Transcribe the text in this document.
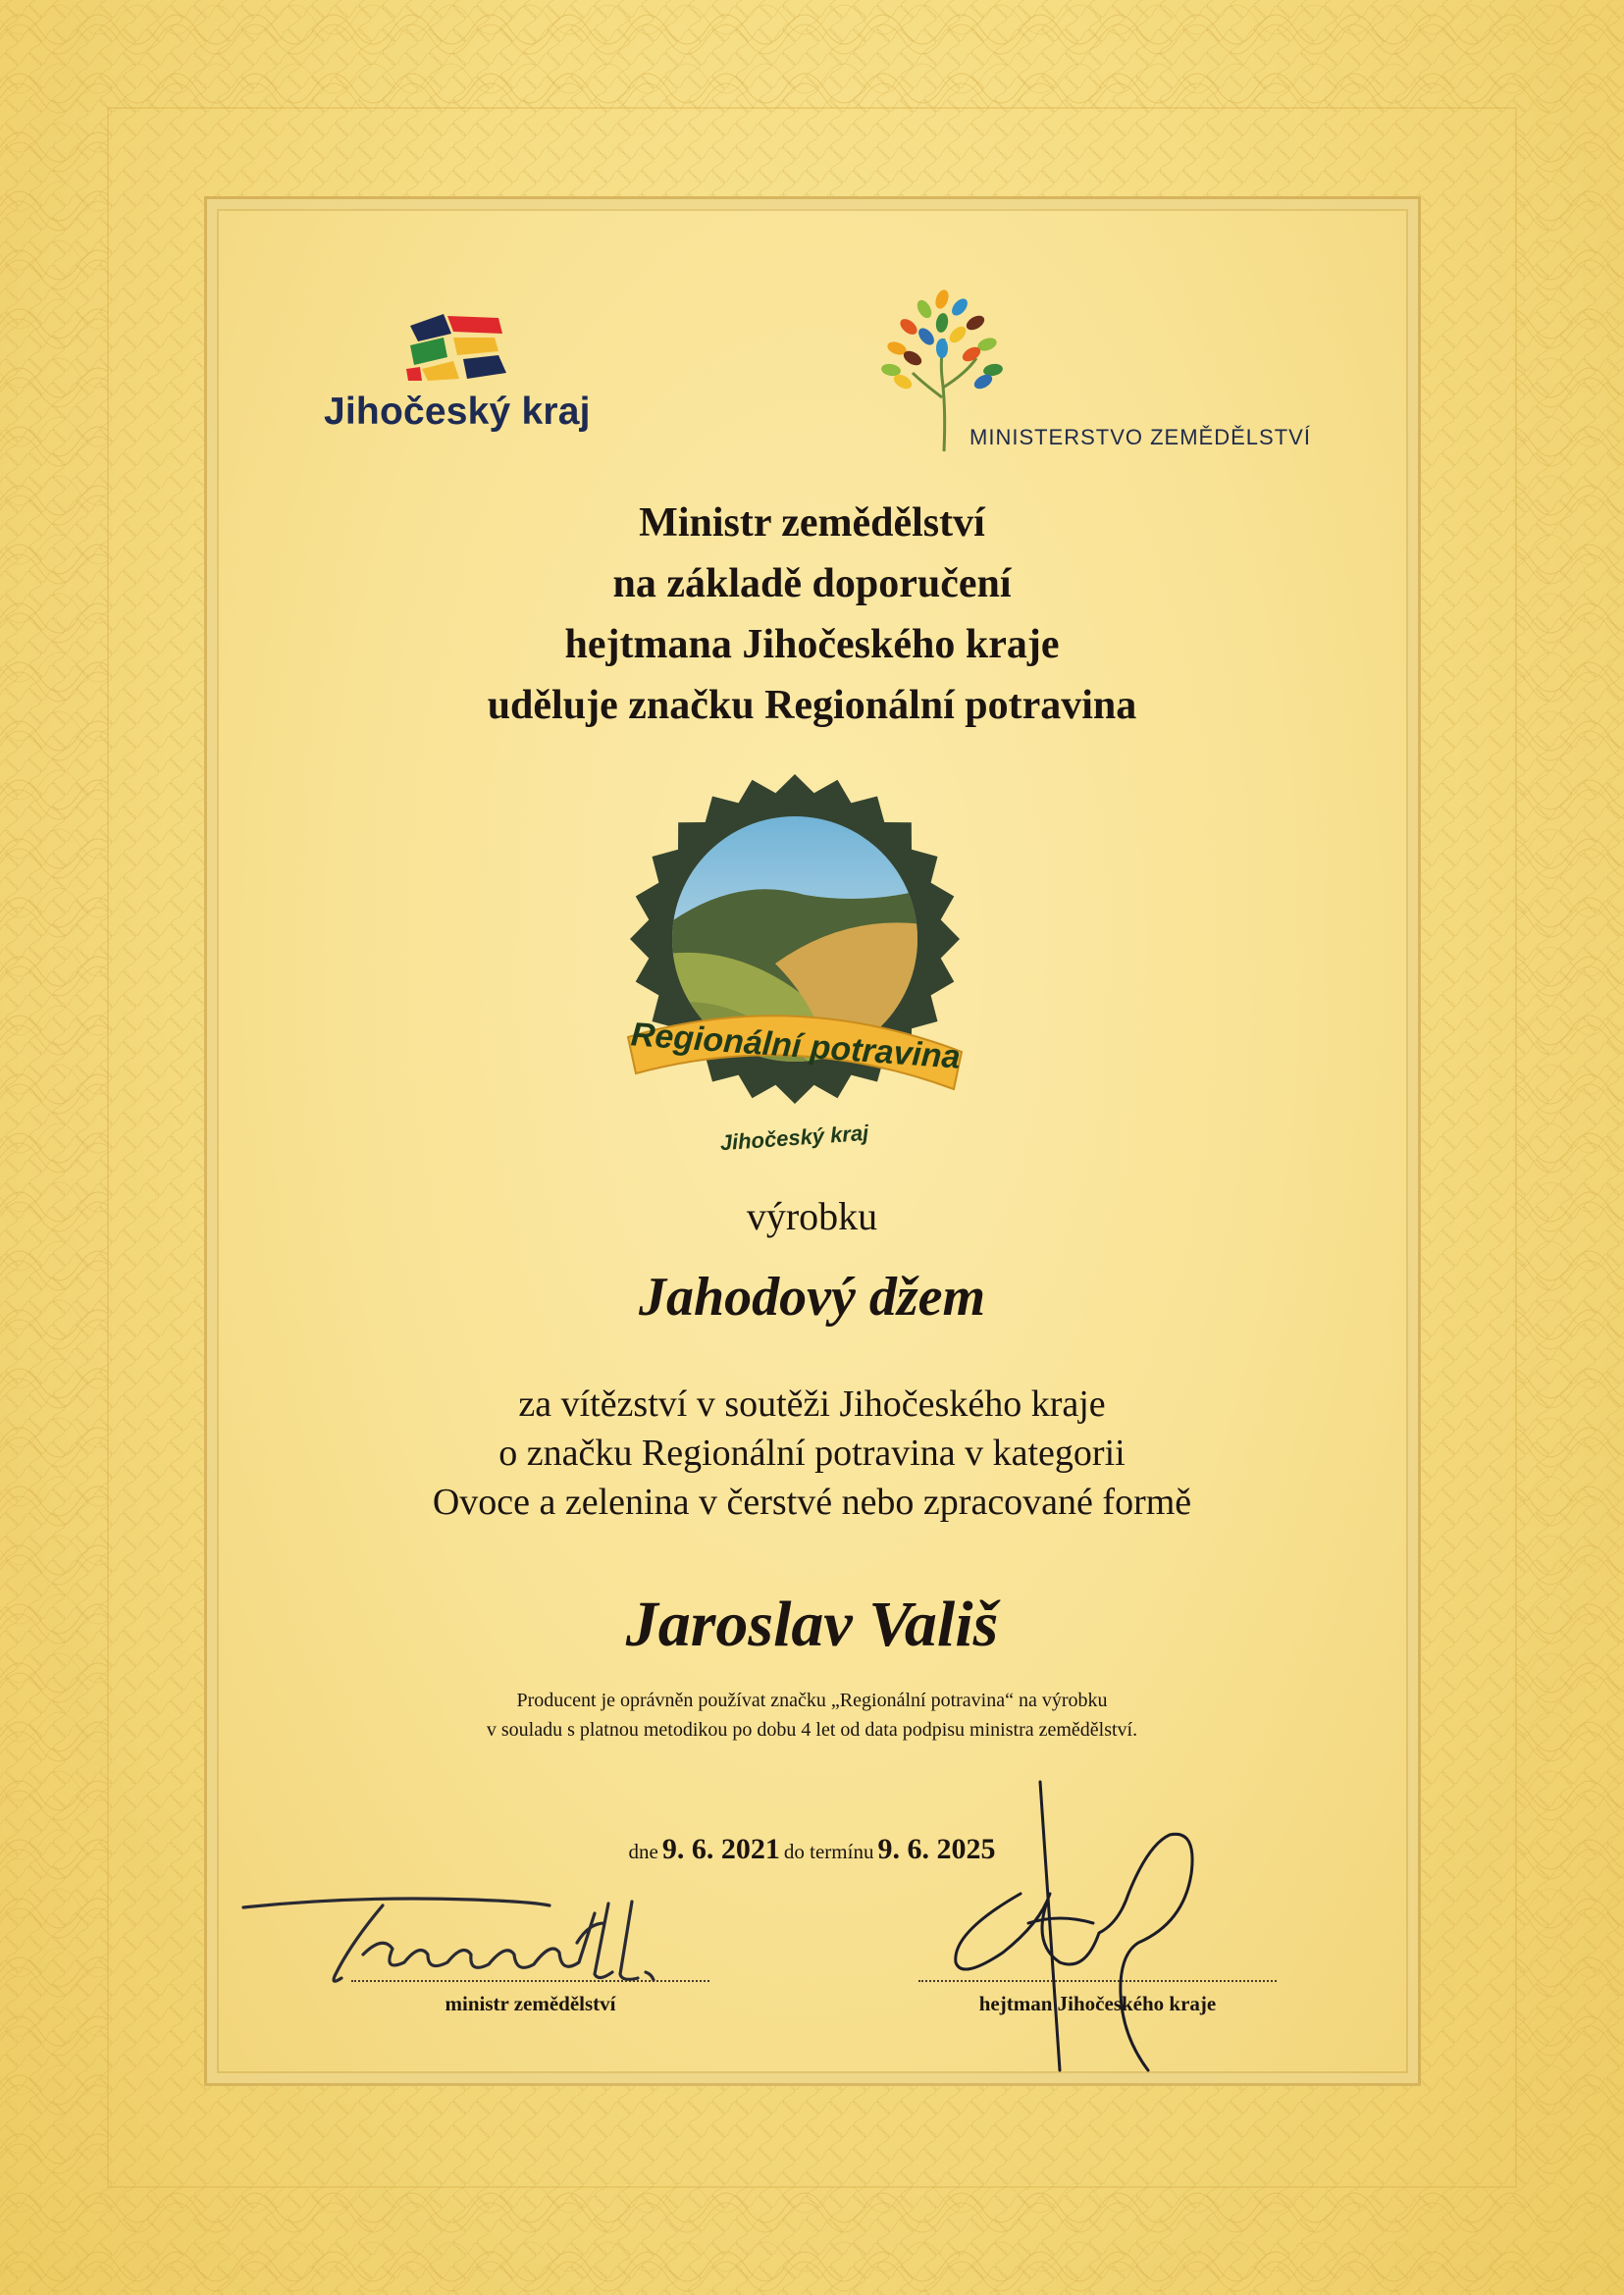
Jihočeský kraj
MINISTERSTVO ZEMĚDĚLSTVÍ
Ministr zemědělství
na základě doporučení
hejtmana Jihočeského kraje
uděluje značku Regionální potravina
Regionální potravina
Jihočeský kraj
výrobku
Jahodový džem
za vítězství v soutěži Jihočeského kraje
o značku Regionální potravina v kategorii
Ovoce a zelenina v čerstvé nebo zpracované formě
Jaroslav Vališ
Producent je oprávněn používat značku „Regionální potravina“ na výrobku
v souladu s platnou metodikou po dobu 4 let od data podpisu ministra zemědělství.
dne 9. 6. 2021 do termínu 9. 6. 2025
ministr zemědělství	hejtman Jihočeského kraje
